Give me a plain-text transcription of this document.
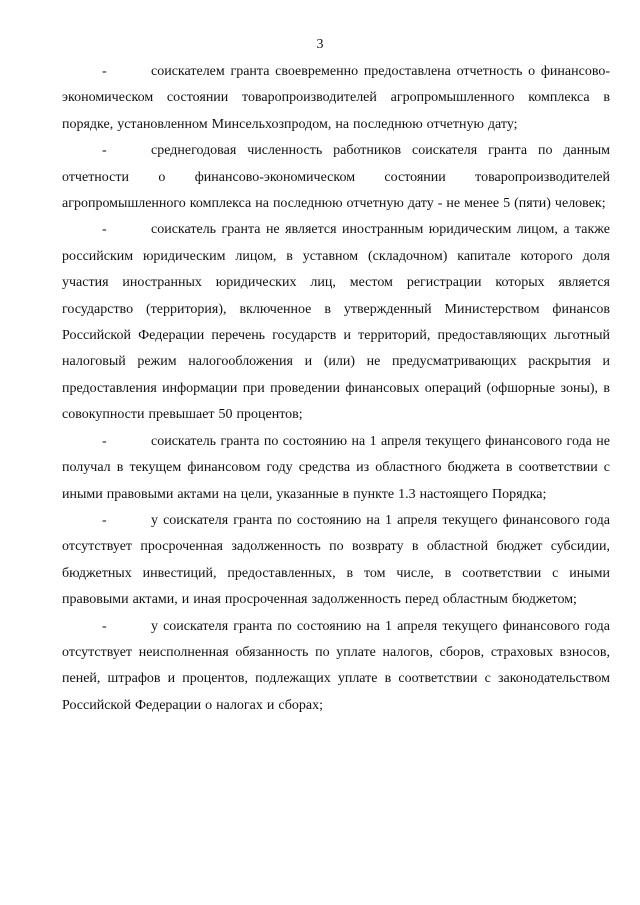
3

-	соискателем гранта своевременно предоставлена отчетность о финансово-экономическом состоянии товаропроизводителей агропромышленного комплекса в порядке, установленном Минсельхозпродом, на последнюю отчетную дату;

-	среднегодовая численность работников соискателя гранта по данным отчетности о финансово-экономическом состоянии товаропроизводителей агропромышленного комплекса на последнюю отчетную дату - не менее 5 (пяти) человек;

-	соискатель гранта не является иностранным юридическим лицом, а также российским юридическим лицом, в уставном (складочном) капитале которого доля участия иностранных юридических лиц, местом регистрации которых является государство (территория), включенное в утвержденный Министерством финансов Российской Федерации перечень государств и территорий, предоставляющих льготный налоговый режим налогообложения и (или) не предусматривающих раскрытия и предоставления информации при проведении финансовых операций (офшорные зоны), в совокупности превышает 50 процентов;

-	соискатель гранта по состоянию на 1 апреля текущего финансового года не получал в текущем финансовом году средства из областного бюджета в соответствии с иными правовыми актами на цели, указанные в пункте 1.3 настоящего Порядка;

-	у соискателя гранта по состоянию на 1 апреля текущего финансового года отсутствует просроченная задолженность по возврату в областной бюджет субсидии, бюджетных инвестиций, предоставленных, в том числе, в соответствии с иными правовыми актами, и иная просроченная задолженность перед областным бюджетом;

-	у соискателя гранта по состоянию на 1 апреля текущего финансового года отсутствует неисполненная обязанность по уплате налогов, сборов, страховых взносов, пеней, штрафов и процентов, подлежащих уплате в соответствии с законодательством Российской Федерации о налогах и сборах;
